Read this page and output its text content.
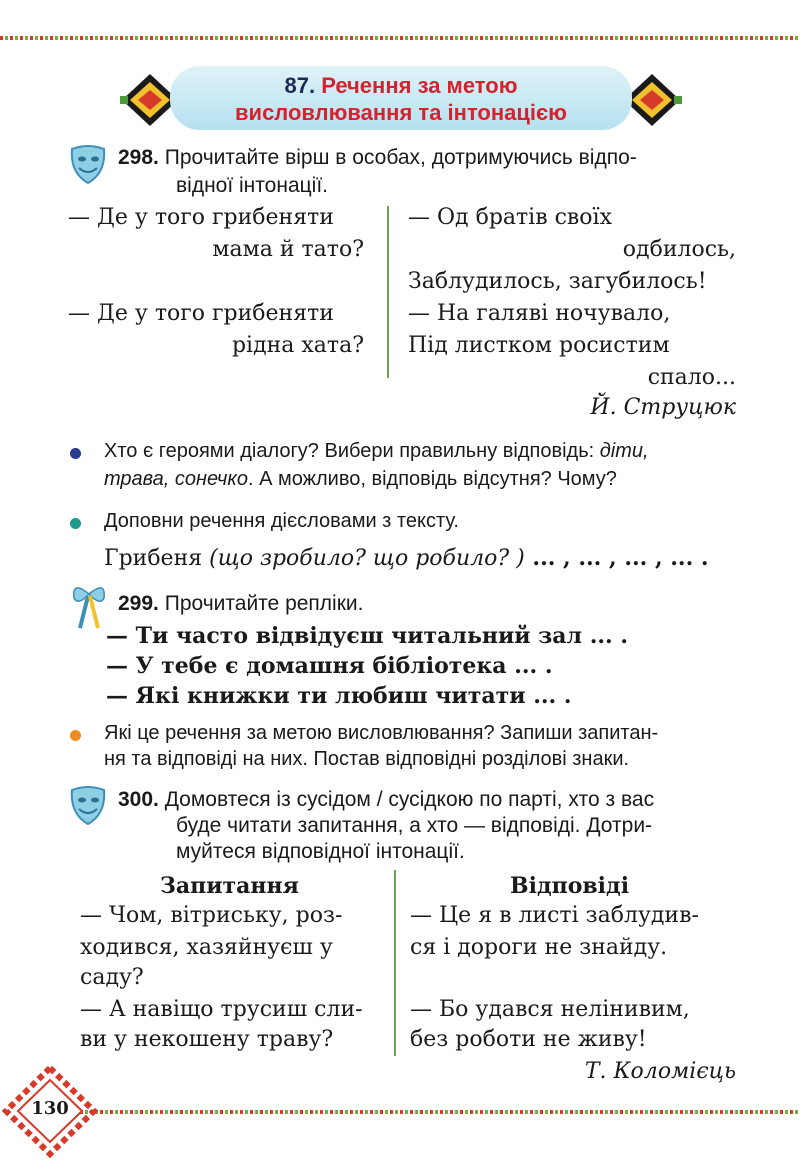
87. Речення за метою
висловлювання та інтонацією
298. Прочитайте вірш в особах, дотримуючись відпо-
відної інтонації.
— Де у того грибеняти
мама й тато?
— Де у того грибеняти
рідна хата?
— Од братів своїх
одбилось,
Заблудилось, загубилось!
— На галяві ночувало,
Під листком росистим
спало...
Й. Струцюк
Хто є героями діалогу? Вибери правильну відповідь: діти,
трава, сонечко. А можливо, відповідь відсутня? Чому?
Доповни речення дієсловами з тексту.
Грибеня (що зробило? що робило? ) ... , ... , ... , ... .
299. Прочитайте репліки.
— Ти часто відвідуєш читальний зал ... .
— У тебе є домашня бібліотека ... .
— Які книжки ти любиш читати ... .
Які це речення за метою висловлювання? Запиши запитан-
ня та відповіді на них. Постав відповідні розділові знаки.
300. Домовтеся із сусідом / сусідкою по парті, хто з вас
буде читати запитання, а хто — відповіді. Дотри-
муйтеся відповідної інтонації.
Запитання	Відповіді
— Чом, вітриську, роз-
ходився, хазяйнуєш у
саду?
— А навіщо трусиш сли-
ви у некошену траву?
— Це я в листі заблудив-
ся і дороги не знайду.
— Бо удався нелінивим,
без роботи не живу!
Т. Коломієць
130
